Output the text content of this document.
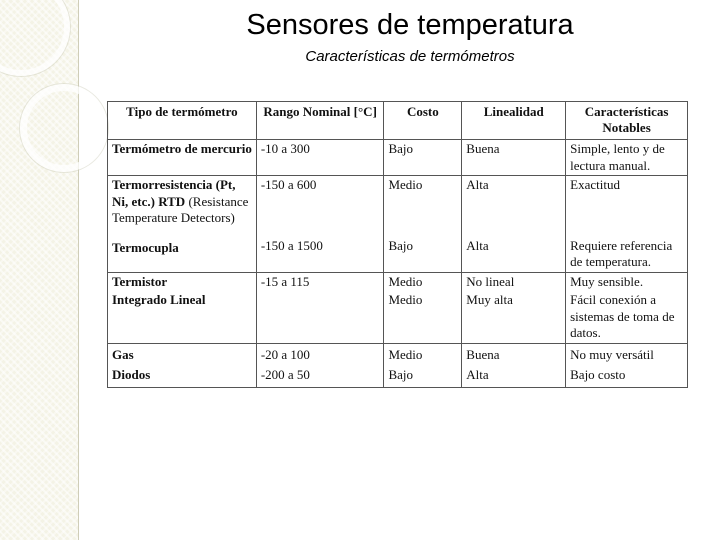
Sensores de temperatura
Características de termómetros
Tipo de termómetro	Rango Nominal [°C]	Costo	Linealidad	Características Notables
Termómetro de mercurio	-10 a 300	Bajo	Buena	Simple, lento y de lectura manual.
Termorresistencia (Pt, Ni, etc.) RTD (Resistance Temperature Detectors)	-150 a 600	Medio	Alta	Exactitud
Termocupla	-150 a 1500	Bajo	Alta	Requiere referencia de temperatura.
Termistor	-15 a 115	Medio	No lineal	Muy sensible.
Integrado Lineal		Medio	Muy alta	Fácil conexión a sistemas de toma de datos.
Gas	-20 a 100	Medio	Buena	No muy versátil
Diodos	-200 a 50	Bajo	Alta	Bajo costo
